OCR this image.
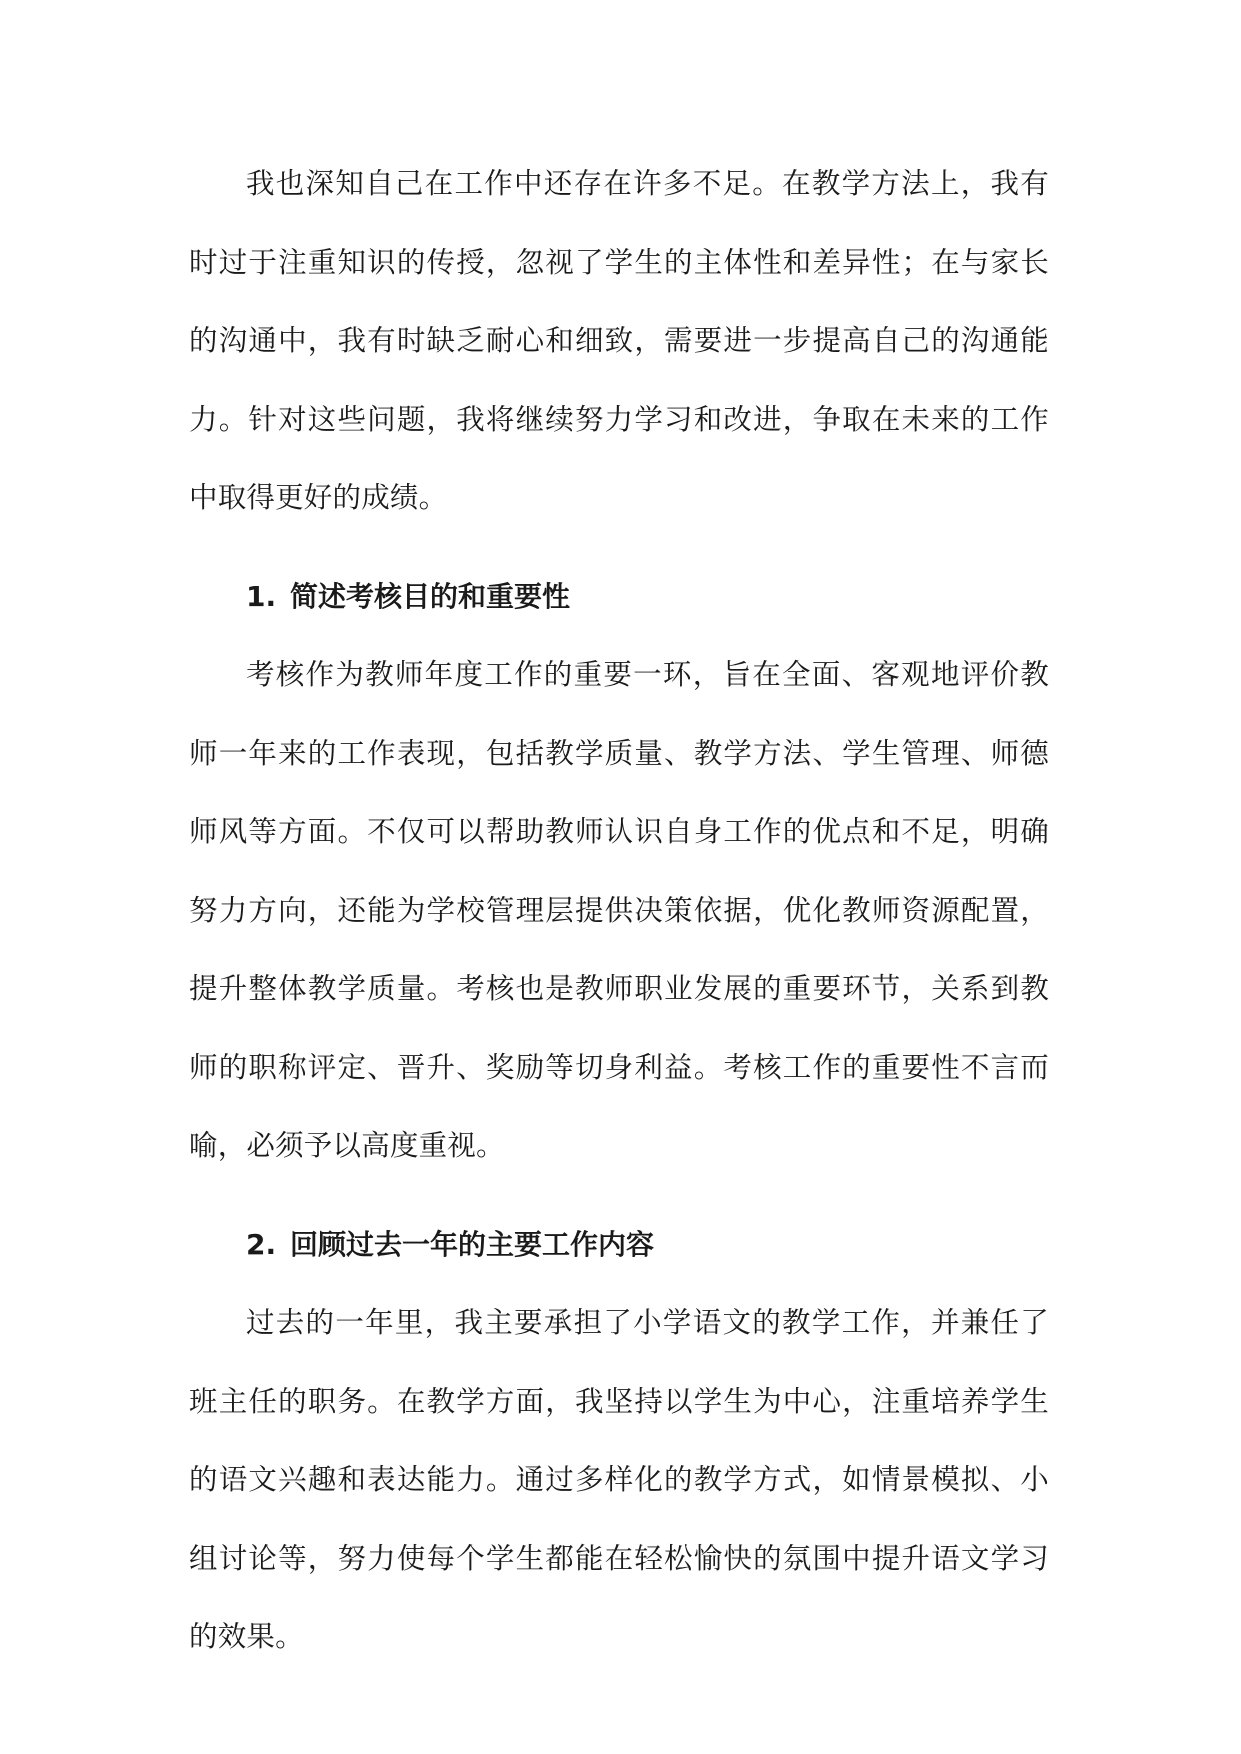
我也深知自己在工作中还存在许多不足。在教学方法上，我有时过于注重知识的传授，忽视了学生的主体性和差异性；在与家长的沟通中，我有时缺乏耐心和细致，需要进一步提高自己的沟通能力。针对这些问题，我将继续努力学习和改进，争取在未来的工作中取得更好的成绩。

1. 简述考核目的和重要性

考核作为教师年度工作的重要一环，旨在全面、客观地评价教师一年来的工作表现，包括教学质量、教学方法、学生管理、师德师风等方面。不仅可以帮助教师认识自身工作的优点和不足，明确努力方向，还能为学校管理层提供决策依据，优化教师资源配置，提升整体教学质量。考核也是教师职业发展的重要环节，关系到教师的职称评定、晋升、奖励等切身利益。考核工作的重要性不言而喻，必须予以高度重视。

2. 回顾过去一年的主要工作内容

过去的一年里，我主要承担了小学语文的教学工作，并兼任了班主任的职务。在教学方面，我坚持以学生为中心，注重培养学生的语文兴趣和表达能力。通过多样化的教学方式，如情景模拟、小组讨论等，努力使每个学生都能在轻松愉快的氛围中提升语文学习的效果。
